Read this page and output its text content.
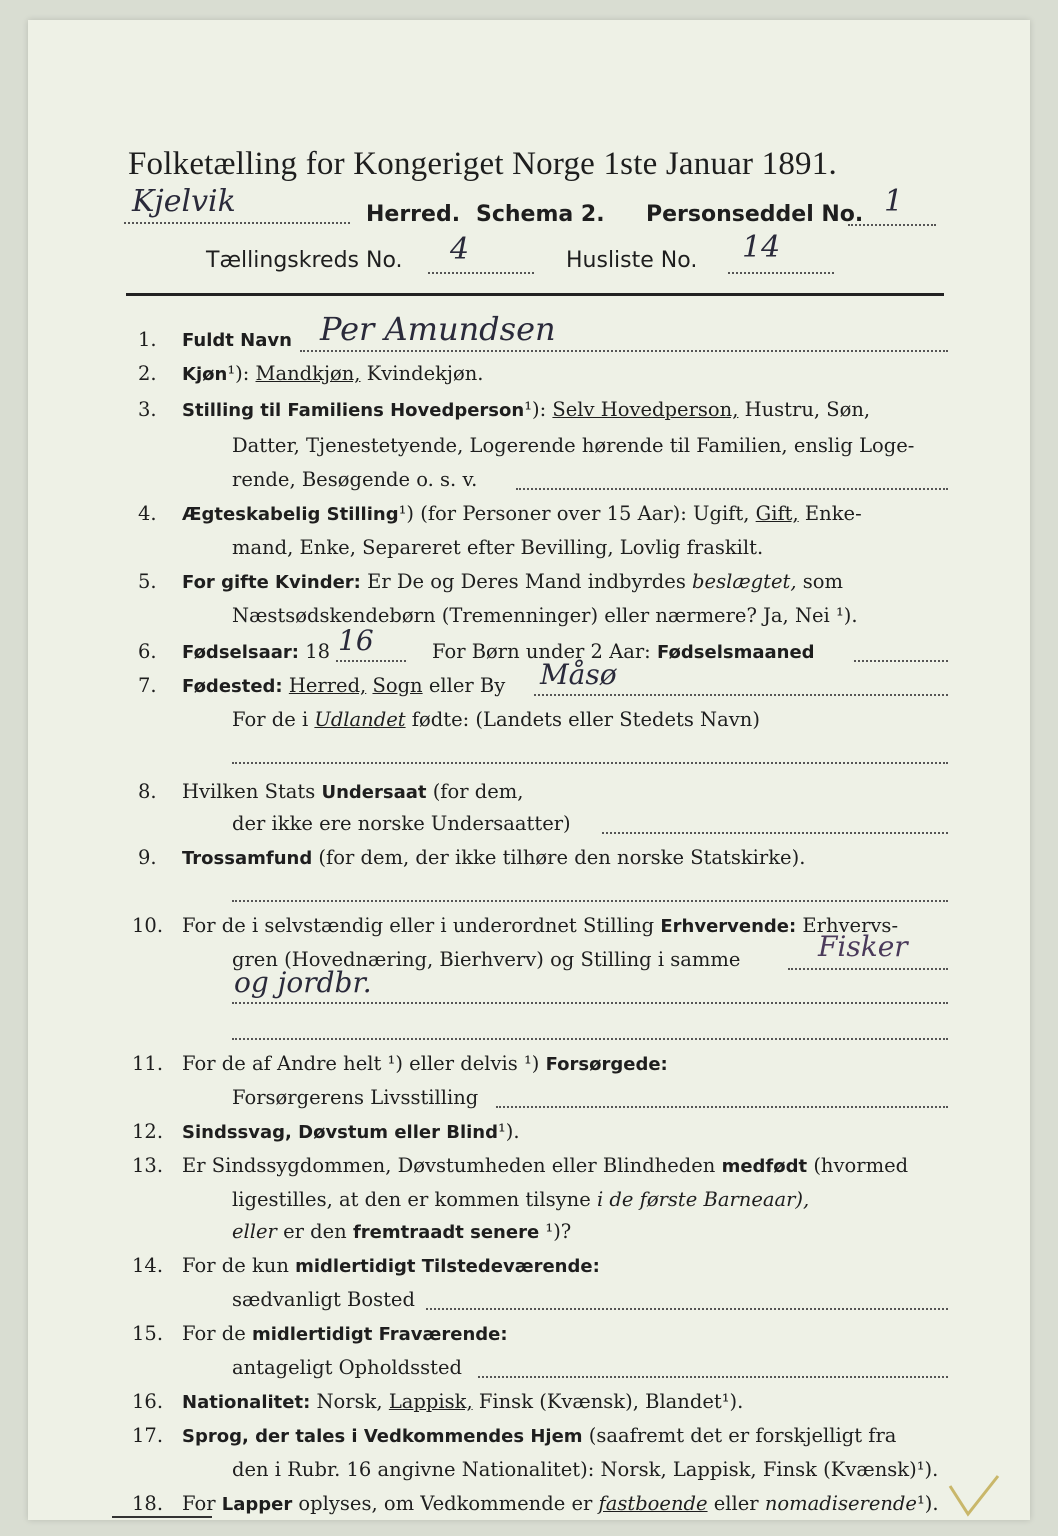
Folketælling for Kongeriget Norge 1ste Januar 1891.
Kjelvik	Herred. Schema 2. Personseddel No. 1
Tællingskreds No. 4	Husliste No. 14
1. Fuldt Navn Per Amundsen
2. Kjøn¹): Mandkjøn, Kvindekjøn.
3. Stilling til Familiens Hovedperson¹): Selv Hovedperson, Hustru, Søn,
Datter, Tjenestetyende, Logerende hørende til Familien, enslig Loge-
rende, Besøgende o. s. v.
4. Ægteskabelig Stilling¹) (for Personer over 15 Aar): Ugift, Gift, Enke-
mand, Enke, Separeret efter Bevilling, Lovlig fraskilt.
5. For gifte Kvinder: Er De og Deres Mand indbyrdes beslægtet, som
Næstsødskendebørn (Tremenninger) eller nærmere? Ja, Nei ¹).
6. Fødselsaar: 18 16	For Børn under 2 Aar: Fødselsmaaned
7. Fødested: Herred, Sogn eller By Måsø
For de i Udlandet fødte: (Landets eller Stedets Navn)
8. Hvilken Stats Undersaat (for dem,
der ikke ere norske Undersaatter)
9. Trossamfund (for dem, der ikke tilhøre den norske Statskirke).
10. For de i selvstændig eller i underordnet Stilling Erhvervende: Erhvervs-
gren (Hovednæring, Bierhverv) og Stilling i samme	Fisker
og jordbr.
11. For de af Andre helt ¹) eller delvis ¹) Forsørgede:
Forsørgerens Livsstilling
12. Sindssvag, Døvstum eller Blind¹).
13. Er Sindssygdommen, Døvstumheden eller Blindheden medfødt (hvormed
ligestilles, at den er kommen tilsyne i de første Barneaar),
eller er den fremtraadt senere ¹)?
14. For de kun midlertidigt Tilstedeværende:
sædvanligt Bosted
15. For de midlertidigt Fraværende:
antageligt Opholdssted
16. Nationalitet: Norsk, Lappisk, Finsk (Kvænsk), Blandet¹).
17. Sprog, der tales i Vedkommendes Hjem (saafremt det er forskjelligt fra
den i Rubr. 16 angivne Nationalitet): Norsk, Lappisk, Finsk (Kvænsk)¹).
18. For Lapper oplyses, om Vedkommende er fastboende eller nomadiserende¹).
